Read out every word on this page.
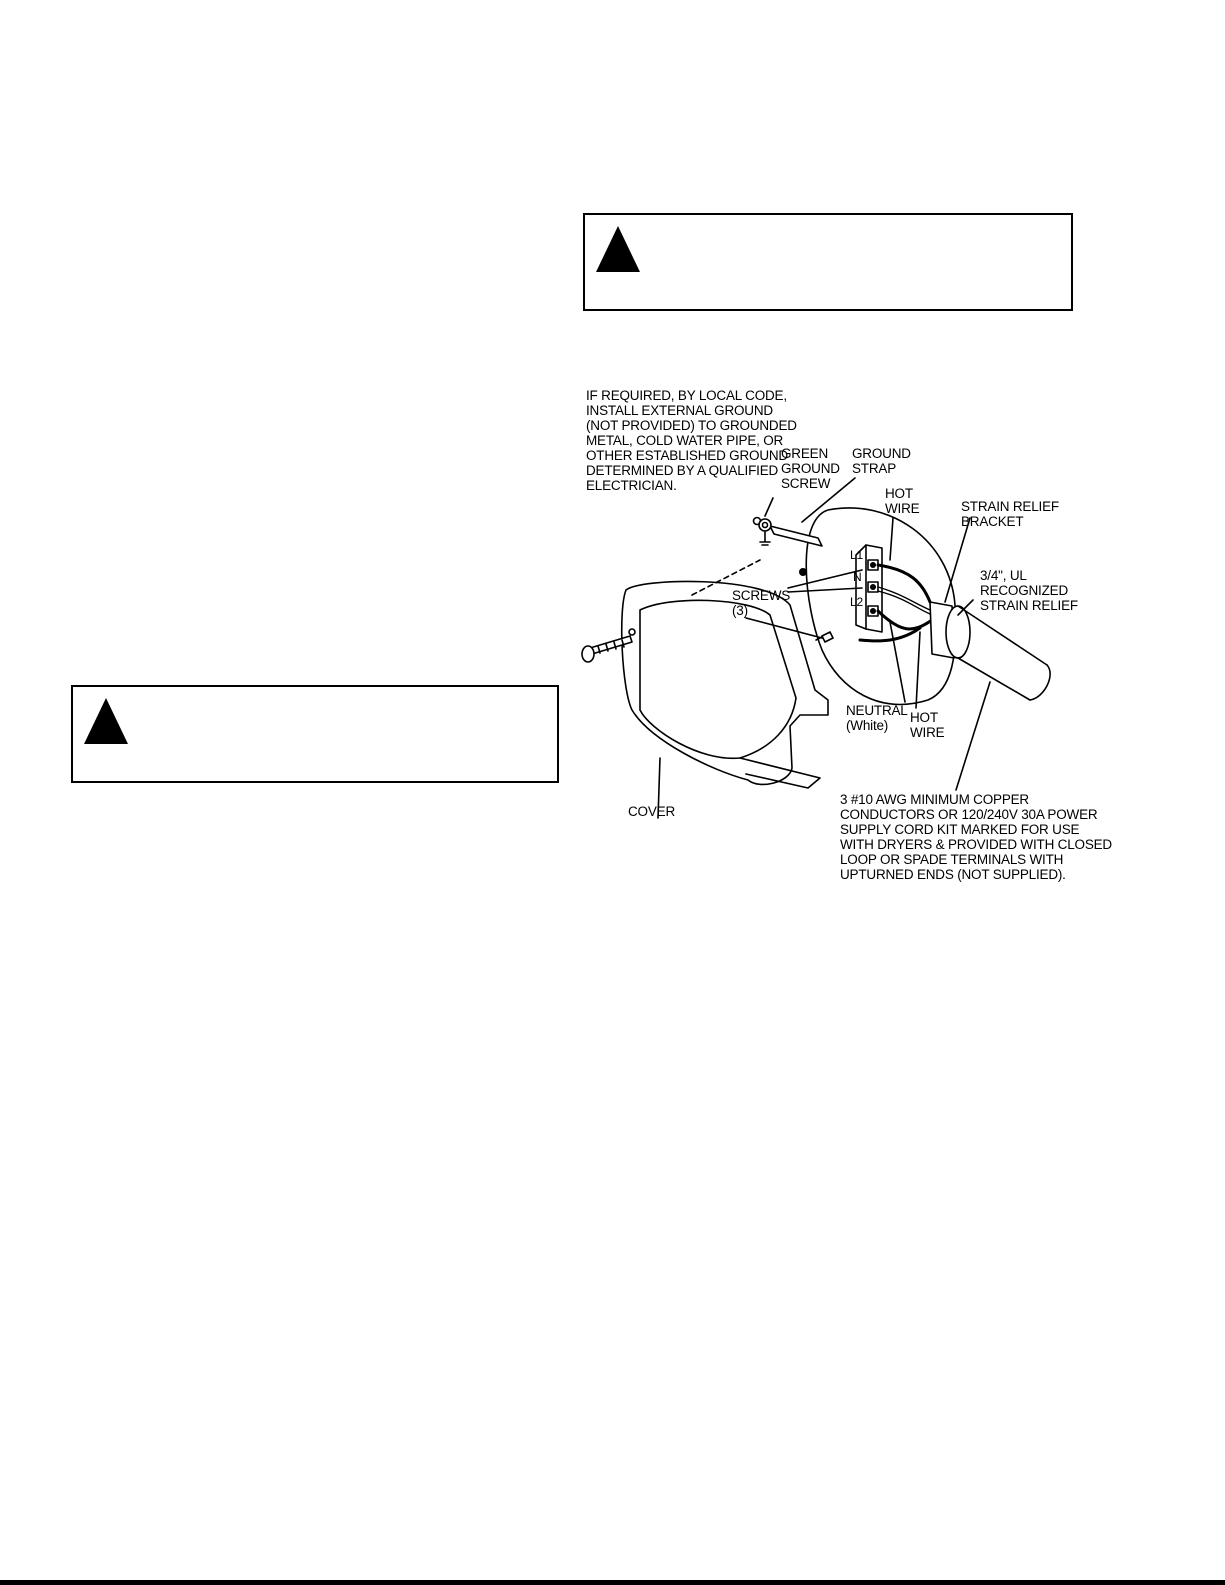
IF REQUIRED, BY LOCAL CODE,
INSTALL EXTERNAL GROUND
(NOT PROVIDED) TO GROUNDED
METAL, COLD WATER PIPE, OR
OTHER ESTABLISHED GROUND
DETERMINED BY A QUALIFIED
ELECTRICIAN.
GREEN
GROUND
SCREW
GROUND
STRAP
HOT
WIRE	STRAIN RELIEF
BRACKET
3/4", UL
RECOGNIZED
STRAIN RELIEF
SCREWS
(3)
NEUTRAL
(White)
HOT
WIRE
COVER
3 #10 AWG MINIMUM COPPER
CONDUCTORS OR 120/240V 30A POWER
SUPPLY CORD KIT MARKED FOR USE
WITH DRYERS & PROVIDED WITH CLOSED
LOOP OR SPADE TERMINALS WITH
UPTURNED ENDS (NOT SUPPLIED).
L1
N
L2
